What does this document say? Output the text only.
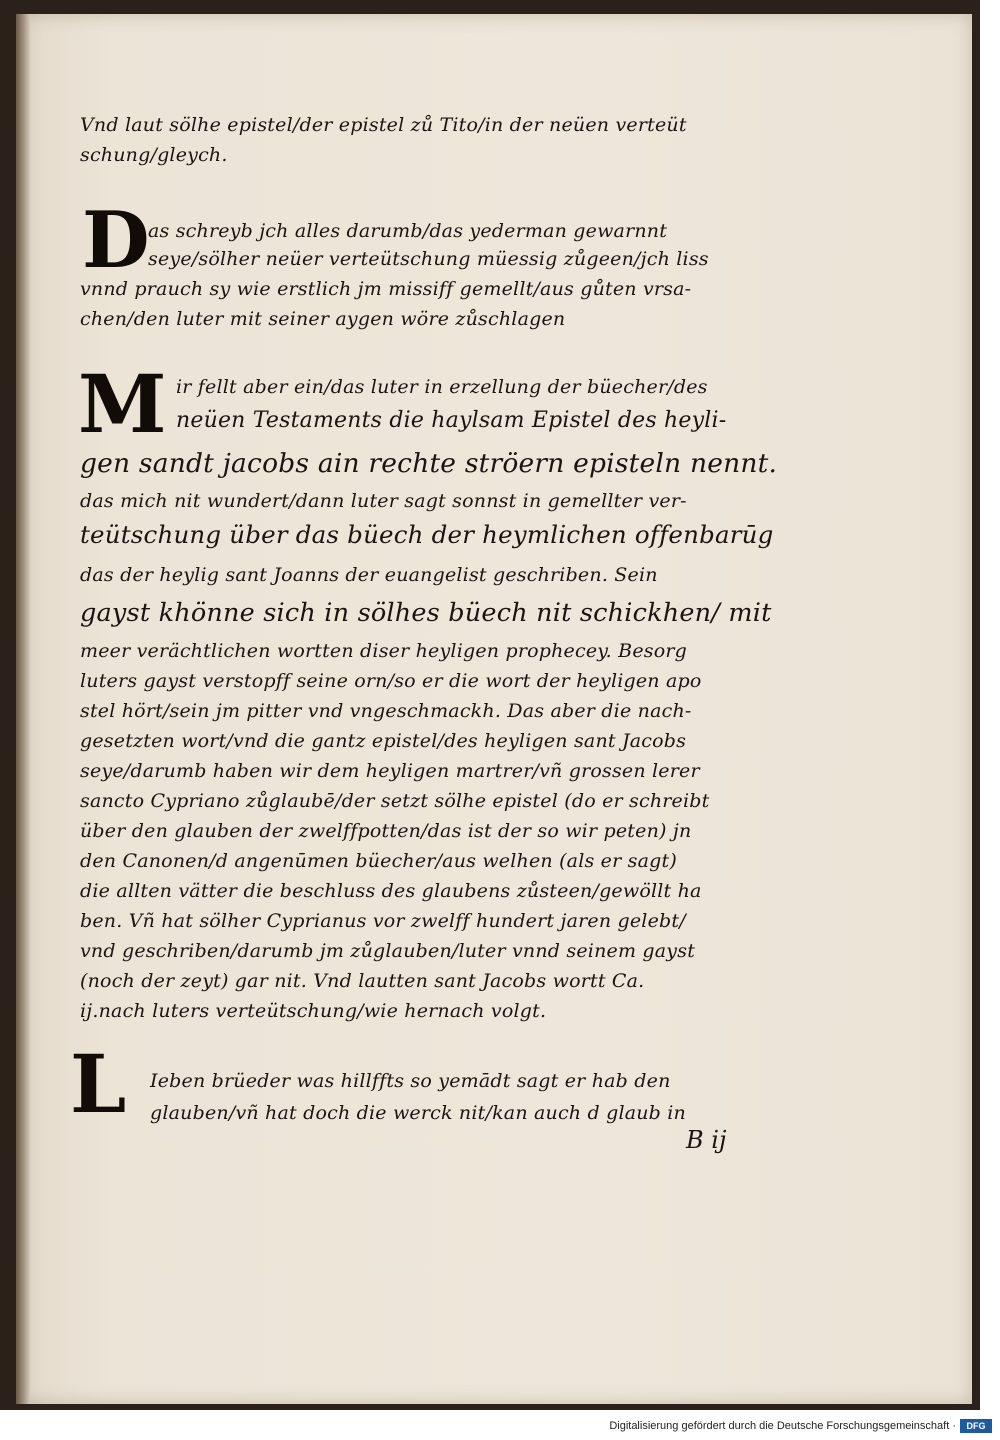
Vnd laut sölhe epistel/der epistel zů Tito/in der neüen verteüt
schung/gleych.
D
as schreyb jch alles darumb/das yederman gewarnnt
seye/sölher neüer verteütschung müessig zůgeen/jch liss
vnnd prauch sy wie erstlich jm missiff gemellt/aus gůten vrsa-
chen/den luter mit seiner aygen wöre zůschlagen
M ir fellt aber ein/das luter in erzellung der büecher/des
neüen Testaments die haylsam Epistel des heyli-
gen sandt jacobs ain rechte ströern episteln nennt.
das mich nit wundert/dann luter sagt sonnst in gemellter ver-
teütschung über das büech der heymlichen offenbarūg
das der heylig sant Joanns der euangelist geschriben. Sein
gayst khönne sich in sölhes büech nit schickhen/ mit
meer verächtlichen wortten diser heyligen prophecey. Besorg
luters gayst verstopff seine orn/so er die wort der heyligen apo
stel hört/sein jm pitter vnd vngeschmackh. Das aber die nach-
gesetzten wort/vnd die gantz epistel/des heyligen sant Jacobs
seye/darumb haben wir dem heyligen martrer/vñ grossen lerer
sancto Cypriano zůglaubē/der setzt sölhe epistel (do er schreibt
über den glauben der zwelffpotten/das ist der so wir peten) jn
den Canonen/d angenūmen büecher/aus welhen (als er sagt)
die allten vätter die beschluss des glaubens zůsteen/gewöllt ha
ben. Vñ hat sölher Cyprianus vor zwelff hundert jaren gelebt/
vnd geschriben/darumb jm zůglauben/luter vnnd seinem gayst
(noch der zeyt) gar nit. Vnd lautten sant Jacobs wortt Ca.
ij.nach luters verteütschung/wie hernach volgt.
L Ieben brüeder was hillffts so yemādt sagt er hab den
glauben/vñ hat doch die werck nit/kan auch d glaub in
B ij
Digitalisierung gefördert durch die Deutsche Forschungsgemeinschaft ·	DFG
